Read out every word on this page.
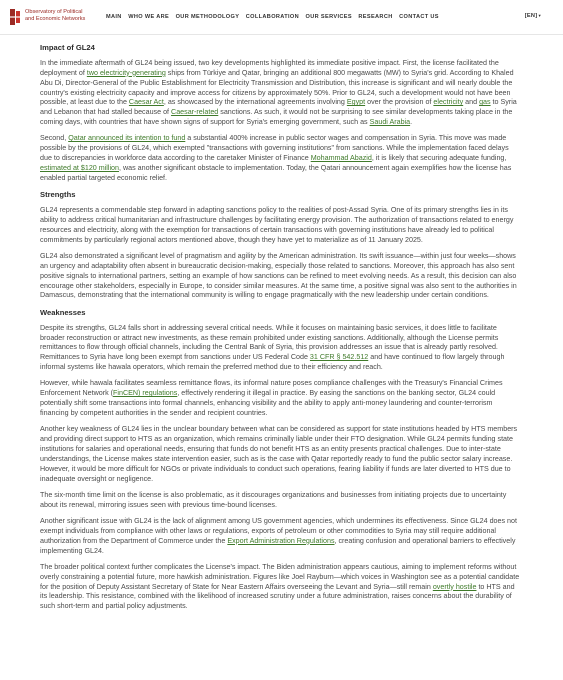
Observatory of Political
and Economic Networks	MAIN WHO WE ARE OUR METHODOLOGY COLLABORATION OUR SERVICES RESEARCH CONTACT US	[EN]▾
Impact of GL24

In the immediate aftermath of GL24 being issued, two key developments highlighted its immediate positive impact. First, the license facilitated the deployment of two electricity-generating ships from Türkiye and Qatar, bringing an additional 800 megawatts (MW) to Syria's grid. According to Khaled Abu Di, Director-General of the Public Establishment for Electricity Transmission and Distribution, this increase is significant and will nearly double the country's existing electricity capacity and improve access for citizens by approximately 50%. Prior to GL24, such a development would not have been possible, at least due to the Caesar Act, as showcased by the international agreements involving Egypt over the provision of electricity and gas to Syria and Lebanon that had stalled because of Caesar-related sanctions. As such, it would not be surprising to see similar developments taking place in the coming days, with countries that have shown signs of support for Syria's emerging government, such as Saudi Arabia.

Second, Qatar announced its intention to fund a substantial 400% increase in public sector wages and compensation in Syria. This move was made possible by the provisions of GL24, which exempted "transactions with governing institutions" from sanctions. While the implementation faced delays due to discrepancies in workforce data according to the caretaker Minister of Finance Mohammad Abazid, it is likely that securing adequate funding, estimated at $120 million, was another significant obstacle to implementation. Today, the Qatari announcement again exemplifies how the license has enabled partial targeted economic relief.

Strengths

GL24 represents a commendable step forward in adapting sanctions policy to the realities of post-Assad Syria. One of its primary strengths lies in its ability to address critical humanitarian and infrastructure challenges by facilitating energy provision. The authorization of transactions related to energy resources and electricity, along with the exemption for transactions of certain transactions with governing institutions have already led to political commitments by particularly regional actors mentioned above, though they have yet to materialize as of 11 January 2025.

GL24 also demonstrated a significant level of pragmatism and agility by the American administration. Its swift issuance—within just four weeks—shows an urgency and adaptability often absent in bureaucratic decision-making, especially those related to sanctions. Moreover, this approach has also sent positive signals to international partners, setting an example of how sanctions can be refined to meet evolving needs. As a result, this decision can also encourage other stakeholders, especially in Europe, to consider similar measures. At the same time, a positive signal was also sent to the authorities in Damascus, demonstrating that the international community is willing to engage pragmatically with the new leadership under certain conditions.

Weaknesses

Despite its strengths, GL24 falls short in addressing several critical needs. While it focuses on maintaining basic services, it does little to facilitate broader reconstruction or attract new investments, as these remain prohibited under existing sanctions. Additionally, although the License permits remittances to flow through official channels, including the Central Bank of Syria, this provision addresses an issue that is already partly resolved. Remittances to Syria have long been exempt from sanctions under US Federal Code 31 CFR § 542.512 and have continued to flow largely through informal systems like hawala operators, which remain the preferred method due to their efficiency and reach.

However, while hawala facilitates seamless remittance flows, its informal nature poses compliance challenges with the Treasury's Financial Crimes Enforcement Network (FinCEN) regulations, effectively rendering it illegal in practice. By easing the sanctions on the banking sector, GL24 could potentially shift some transactions into formal channels, enhancing visibility and the ability to apply anti-money laundering and counter-terrorism financing by competent authorities in the sender and recipient countries.

Another key weakness of GL24 lies in the unclear boundary between what can be considered as support for state institutions headed by HTS members and providing direct support to HTS as an organization, which remains criminally liable under their FTO designation. While GL24 permits funding state institutions for salaries and operational needs, ensuring that funds do not benefit HTS as an entity presents practical challenges. Due to inter-state understandings, the License makes state intervention easier, such as is the case with Qatar reportedly ready to fund the public sector salary increase. However, it would be more difficult for NGOs or private individuals to conduct such operations, fearing liability if funds are later diverted to HTS due to inadequate oversight or negligence.

The six-month time limit on the license is also problematic, as it discourages organizations and businesses from initiating projects due to uncertainty about its renewal, mirroring issues seen with previous time-bound licenses.

Another significant issue with GL24 is the lack of alignment among US government agencies, which undermines its effectiveness. Since GL24 does not exempt individuals from compliance with other laws or regulations, exports of petroleum or other commodities to Syria may still require additional authorization from the Department of Commerce under the Export Administration Regulations, creating confusion and operational barriers to effectively implementing GL24.

The broader political context further complicates the License's impact. The Biden administration appears cautious, aiming to implement reforms without overly constraining a potential future, more hawkish administration. Figures like Joel Rayburn—which voices in Washington see as a potential candidate for the position of Deputy Assistant Secretary of State for Near Eastern Affairs overseeing the Levant and Syria—still remain overtly hostile to HTS and its leadership. This resistance, combined with the likelihood of increased scrutiny under a future administration, raises concerns about the durability of such short-term and partial policy adjustments.
